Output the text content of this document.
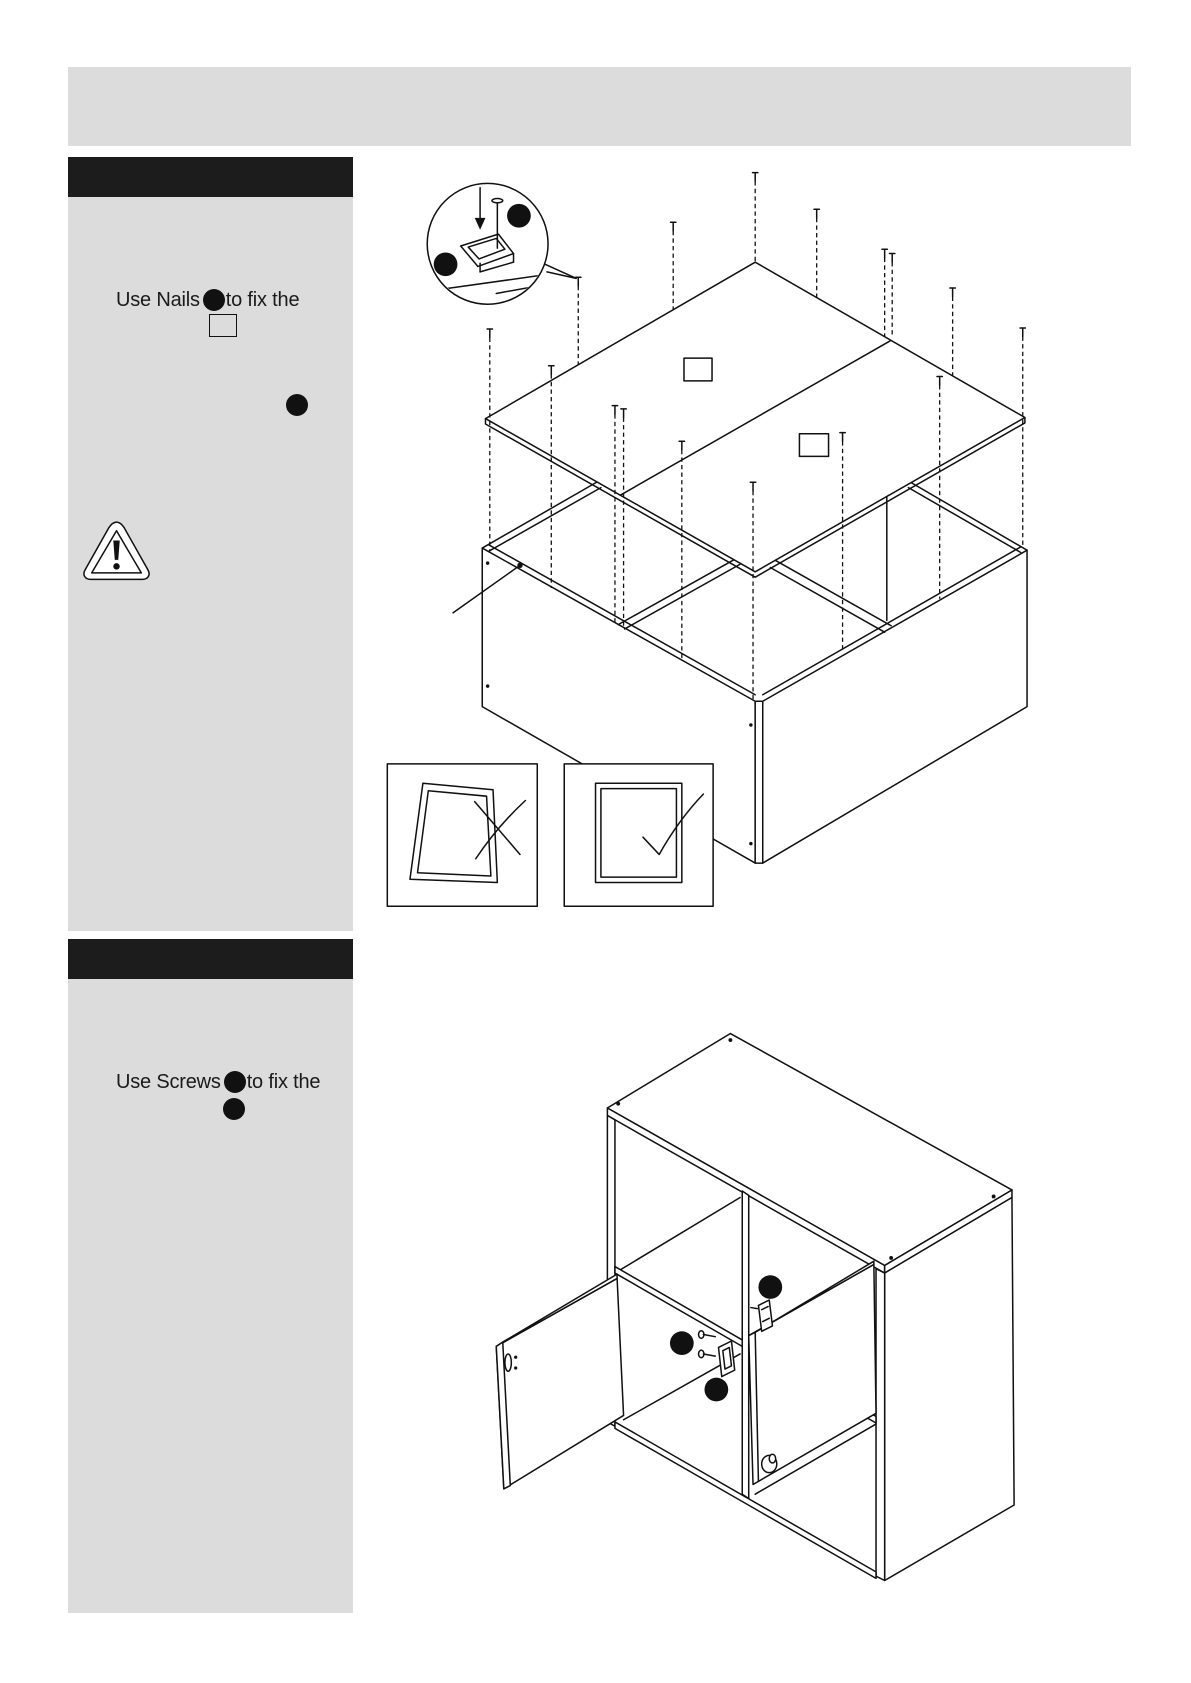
Use Nails to fix the
Use Screws to fix the
